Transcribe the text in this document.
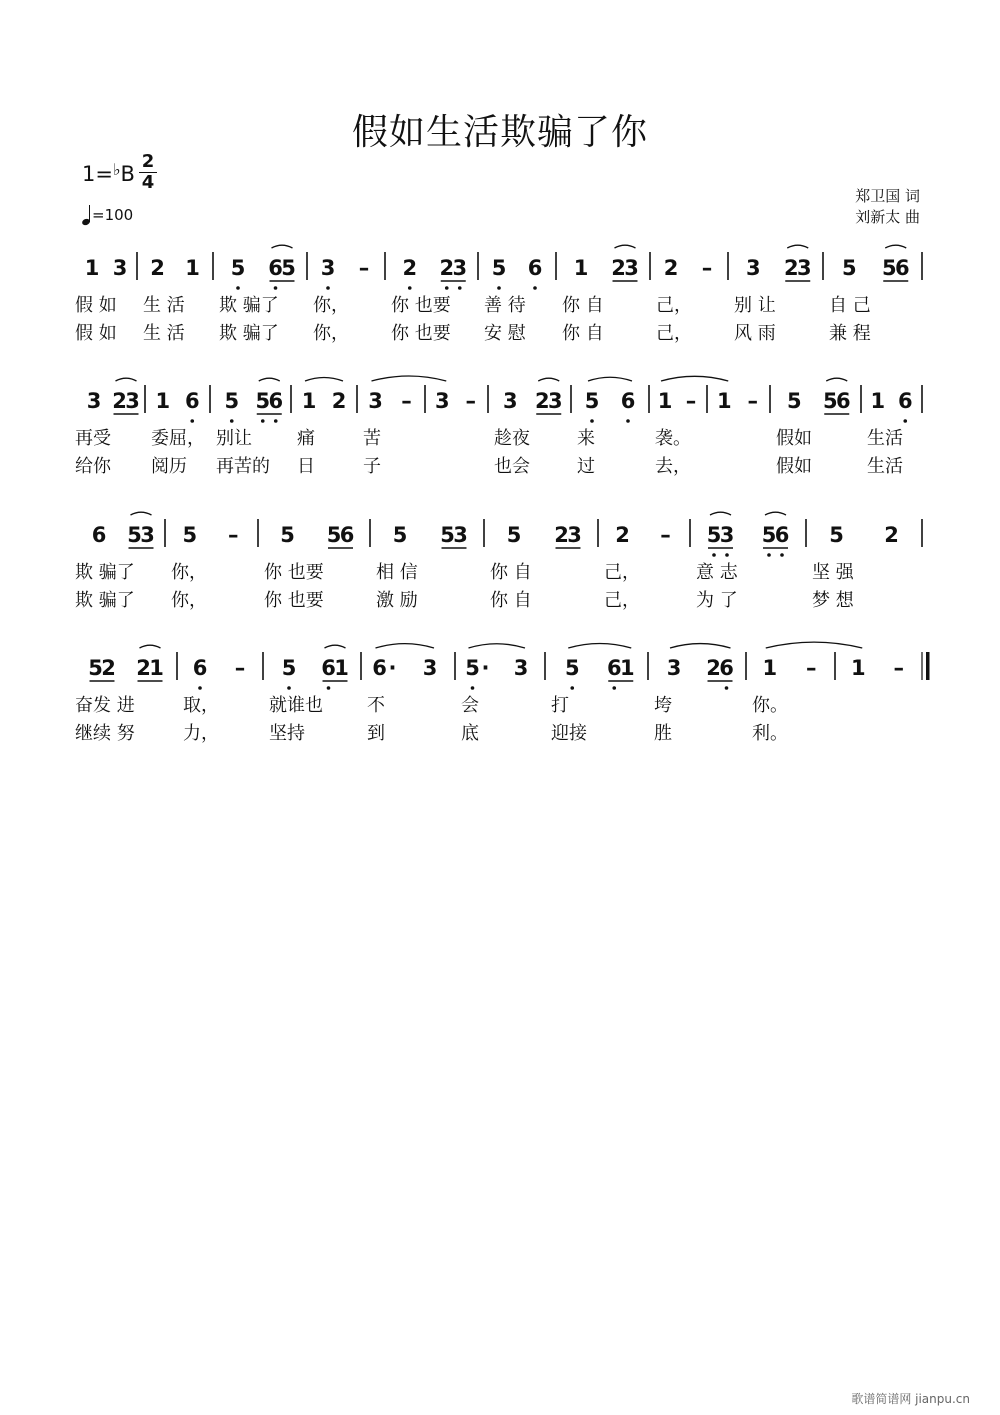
假如生活欺骗了你
1=♭B
2
4
=100
郑卫国 词
刘新太 曲
1 3 2 1 5 6
5 3 – 2 2
3 5 6 1 2
3 2 – 3 2
3 5 5
6
3 2
3 1 6 5 5
6 1 2 3 – 3 – 3 2
3 5 6 1 – 1 – 5 5
6 1 6
6 5
3 5 – 5 5
6 5 5
3 5 2
3 2 – 5
3 5
6 5 2
5
2 2
1 6 – 5 6
1 6 · 3 5 · 3 5 6
1 3 2
6 1 – 1 –
假 如 生 活 欺 骗了 你， 你 也要 善 待 你 自	己， 别 让	自 己
假 如 生 活 欺 骗了 你， 你 也要 安 慰 你 自	己， 风 雨	兼 程
再受 委屈， 别让	痛	苦	趁夜	来	袭。	假如	生活
给你 阅历 再苦的 日	子	也会	过	去，	假如	生活
欺 骗了 你，	你 也要	相 信	你 自	己，	意 志	坚 强
欺 骗了 你，	你 也要	激 励	你 自	己，	为 了	梦 想
奋发 进	取，	就谁也 不	会	打	垮	你。
继续 努	力，	坚持	到	底	迎接	胜	利。
歌谱简谱网 jianpu.cn
